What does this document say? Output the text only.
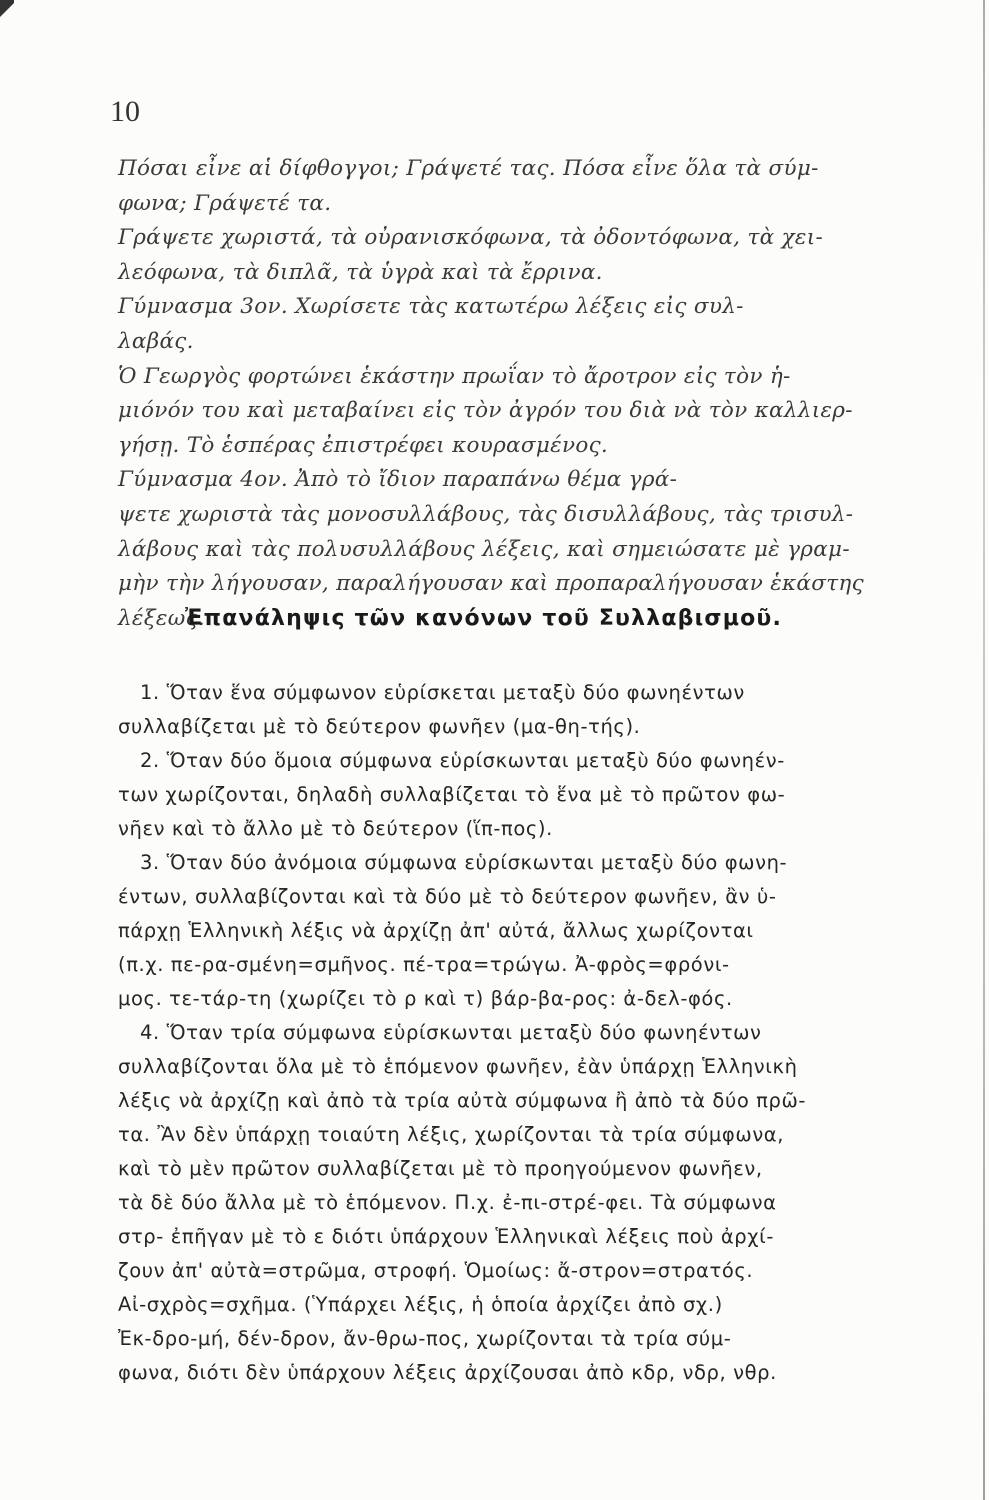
10
Πόσαι εἶνε αἱ δίφθογγοι; Γράψετέ τας. Πόσα εἶνε ὅλα τὰ σύμ-
φωνα; Γράψετέ τα.
Γράψετε χωριστά, τὰ οὐρανισκόφωνα, τὰ ὀδοντόφωνα, τὰ χει-
λεόφωνα, τὰ διπλᾶ, τὰ ὑγρὰ καὶ τὰ ἔρρινα.
Γύμνασμα 3ον. Χωρίσετε τὰς κατωτέρω λέξεις εἰς συλ-
λαβάς.
Ὁ Γεωργὸς φορτώνει ἑκάστην πρωΐαν τὸ ἄροτρον εἰς τὸν ἡ-
μιόνόν του καὶ μεταβαίνει εἰς τὸν ἀγρόν του διὰ νὰ τὸν καλλιερ-
γήσῃ. Τὸ ἑσπέρας ἐπιστρέφει κουρασμένος.
Γύμνασμα 4ον. Ἀπὸ τὸ ἴδιον παραπάνω θέμα γρά-
ψετε χωριστὰ τὰς μονοσυλλάβους, τὰς δισυλλάβους, τὰς τρισυλ-
λάβους καὶ τὰς πολυσυλλάβους λέξεις, καὶ σημειώσατε μὲ γραμ-
μὴν τὴν λήγουσαν, παραλήγουσαν καὶ προπαραλήγουσαν ἑκάστης
λέξεως.
Ἐπανάληψις τῶν κανόνων τοῦ Συλλαβισμοῦ.
1. Ὅταν ἕνα σύμφωνον εὑρίσκεται μεταξὺ δύο φωνηέντων
συλλαβίζεται μὲ τὸ δεύτερον φωνῆεν (μα-θη-τής).
2. Ὅταν δύο ὅμοια σύμφωνα εὑρίσκωνται μεταξὺ δύο φωνηέν-
των χωρίζονται, δηλαδὴ συλλαβίζεται τὸ ἕνα μὲ τὸ πρῶτον φω-
νῆεν καὶ τὸ ἄλλο μὲ τὸ δεύτερον (ἵπ-πος).
3. Ὅταν δύο ἀνόμοια σύμφωνα εὑρίσκωνται μεταξὺ δύο φωνη-
έντων, συλλαβίζονται καὶ τὰ δύο μὲ τὸ δεύτερον φωνῆεν, ἂν ὑ-
πάρχῃ Ἑλληνικὴ λέξις νὰ ἀρχίζῃ ἀπ' αὐτά, ἄλλως χωρίζονται
(π.χ. πε-ρα-σμένη=σμῆνος. πέ-τρα=τρώγω. Ἀ-φρὸς=φρόνι-
μος. τε-τάρ-τη (χωρίζει τὸ ρ καὶ τ) βάρ-βα-ρος: ἀ-δελ-φός.
4. Ὅταν τρία σύμφωνα εὑρίσκωνται μεταξὺ δύο φωνηέντων
συλλαβίζονται ὅλα μὲ τὸ ἑπόμενον φωνῆεν, ἐὰν ὑπάρχῃ Ἑλληνικὴ
λέξις νὰ ἀρχίζῃ καὶ ἀπὸ τὰ τρία αὐτὰ σύμφωνα ἢ ἀπὸ τὰ δύο πρῶ-
τα. Ἂν δὲν ὑπάρχῃ τοιαύτη λέξις, χωρίζονται τὰ τρία σύμφωνα,
καὶ τὸ μὲν πρῶτον συλλαβίζεται μὲ τὸ προηγούμενον φωνῆεν,
τὰ δὲ δύο ἄλλα μὲ τὸ ἑπόμενον. Π.χ. ἐ-πι-στρέ-φει. Τὰ σύμφωνα
στρ- ἐπῆγαν μὲ τὸ ε διότι ὑπάρχουν Ἑλληνικαὶ λέξεις ποὺ ἀρχί-
ζουν ἀπ' αὐτὰ=στρῶμα, στροφή. Ὁμοίως: ἄ-στρον=στρατός.
Αἰ-σχρὸς=σχῆμα. (Ὑπάρχει λέξις, ἡ ὁποία ἀρχίζει ἀπὸ σχ.)
Ἐκ-δρο-μή, δέν-δρον, ἄν-θρω-πος, χωρίζονται τὰ τρία σύμ-
φωνα, διότι δὲν ὑπάρχουν λέξεις ἀρχίζουσαι ἀπὸ κδρ, νδρ, νθρ.
